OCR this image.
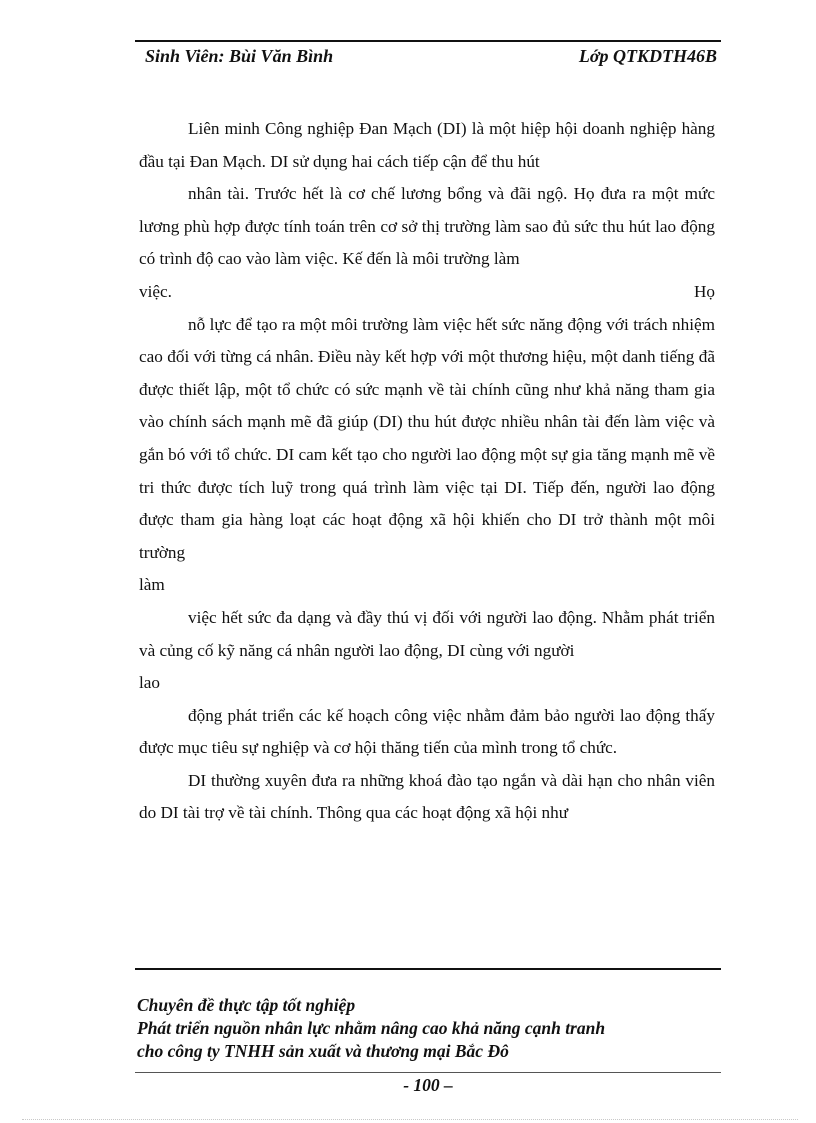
Sinh Viên: Bùi Văn Bình	Lớp QTKDTH46B

Liên minh Công nghiệp Đan Mạch (DI) là một hiệp hội doanh nghiệp hàng đầu tại Đan Mạch. DI sử dụng hai cách tiếp cận để thu hút

nhân tài. Trước hết là cơ chế lương bổng và đãi ngộ. Họ đưa ra một mức lương phù hợp được tính toán trên cơ sở thị trường làm sao đủ sức thu hút lao động có trình độ cao vào làm việc. Kế đến là môi trường làm

việc.	Họ

nỗ lực để tạo ra một môi trường làm việc hết sức năng động với trách nhiệm cao đối với từng cá nhân. Điều này kết hợp với một thương hiệu, một danh tiếng đã được thiết lập, một tổ chức có sức mạnh về tài chính cũng như khả năng tham gia vào chính sách mạnh mẽ đã giúp (DI) thu hút được nhiều nhân tài đến làm việc và gắn bó với tổ chức. DI cam kết tạo cho người lao động một sự gia tăng mạnh mẽ về tri thức được tích luỹ trong quá trình làm việc tại DI. Tiếp đến, người lao động được tham gia hàng loạt các hoạt động xã hội khiến cho DI trở thành một môi trường

làm

việc hết sức đa dạng và đầy thú vị đối với người lao động. Nhằm phát triển và củng cố kỹ năng cá nhân người lao động, DI cùng với người

lao

động phát triển các kế hoạch công việc nhằm đảm bảo người lao động thấy được mục tiêu sự nghiệp và cơ hội thăng tiến của mình trong tổ chức.

DI thường xuyên đưa ra những khoá đào tạo ngắn và dài hạn cho nhân viên do DI tài trợ về tài chính. Thông qua các hoạt động xã hội như

Chuyên đề thực tập tốt nghiệp
Phát triển nguồn nhân lực nhằm nâng cao khả năng cạnh tranh
cho công ty TNHH sản xuất và thương mại Bắc Đô
- 100 –
